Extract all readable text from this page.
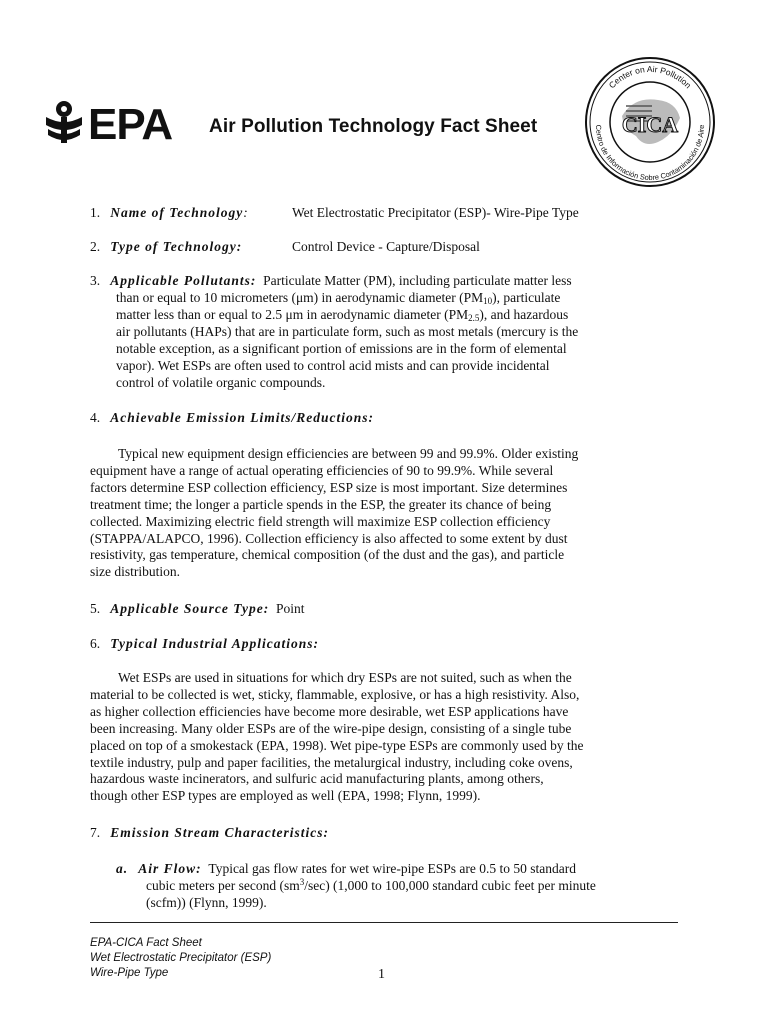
EPA Air Pollution Technology Fact Sheet	CICA
Center on Air Pollution
Centro de Información Sobre Contaminación de Aire
1. Name of Technology:	Wet Electrostatic Precipitator (ESP)- Wire-Pipe Type
2. Type of Technology:	Control Device - Capture/Disposal
3. Applicable Pollutants: Particulate Matter (PM), including particulate matter less
than or equal to 10 micrometers (μm) in aerodynamic diameter $(PM_{10})$, particulate
matter less than or equal to 2.5 μm in aerodynamic diameter $(PM_{2.5})$, and hazardous
air pollutants (HAPs) that are in particulate form, such as most metals (mercury is the
notable exception, as a significant portion of emissions are in the form of elemental
vapor). Wet ESPs are often used to control acid mists and can provide incidental
control of volatile organic compounds.
4. Achievable Emission Limits/Reductions:
Typical new equipment design efficiencies are between 99 and 99.9%. Older existing
equipment have a range of actual operating efficiencies of 90 to 99.9%. While several
factors determine ESP collection efficiency, ESP size is most important. Size determines
treatment time; the longer a particle spends in the ESP, the greater its chance of being
collected. Maximizing electric field strength will maximize ESP collection efficiency
(STAPPA/ALAPCO, 1996). Collection efficiency is also affected to some extent by dust
resistivity, gas temperature, chemical composition (of the dust and the gas), and particle
size distribution.
5. Applicable Source Type: Point
6. Typical Industrial Applications:
Wet ESPs are used in situations for which dry ESPs are not suited, such as when the
material to be collected is wet, sticky, flammable, explosive, or has a high resistivity. Also,
as higher collection efficiencies have become more desirable, wet ESP applications have
been increasing. Many older ESPs are of the wire-pipe design, consisting of a single tube
placed on top of a smokestack (EPA, 1998). Wet pipe-type ESPs are commonly used by the
textile industry, pulp and paper facilities, the metalurgical industry, including coke ovens,
hazardous waste incinerators, and sulfuric acid manufacturing plants, among others,
though other ESP types are employed as well (EPA, 1998; Flynn, 1999).
7. Emission Stream Characteristics:
a. Air Flow: Typical gas flow rates for wet wire-pipe ESPs are 0.5 to 50 standard
cubic meters per second $(sm^3/\sec)$ (1,000 to 100,000 standard cubic feet per minute
(scfm)) (Flynn, 1999).
EPA-CICA Fact Sheet
Wet Electrostatic Precipitator (ESP)
Wire-Pipe Type	1
